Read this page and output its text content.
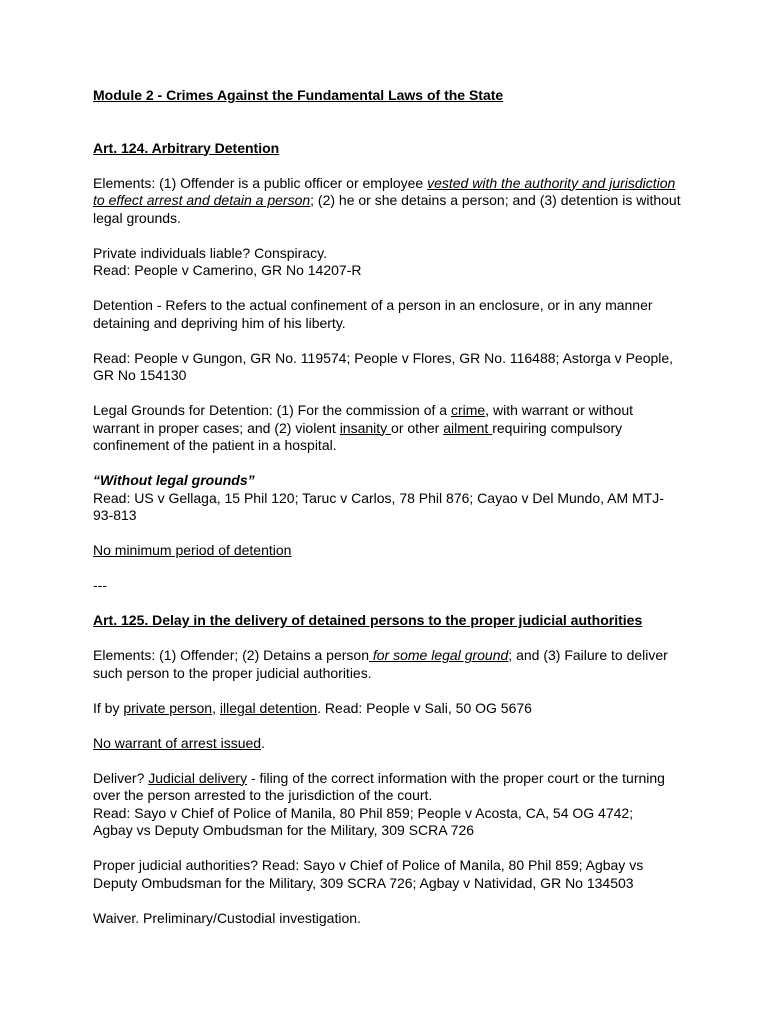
Module 2 - Crimes Against the Fundamental Laws of the State

Art. 124. Arbitrary Detention

Elements: (1) Offender is a public officer or employee vested with the authority and jurisdiction to effect arrest and detain a person; (2) he or she detains a person; and (3) detention is without legal grounds.

Private individuals liable? Conspiracy.

Read: People v Camerino, GR No 14207-R

Detention - Refers to the actual confinement of a person in an enclosure, or in any manner detaining and depriving him of his liberty.

Read: People v Gungon, GR No. 119574; People v Flores, GR No. 116488; Astorga v People, GR No 154130

Legal Grounds for Detention: (1) For the commission of a crime, with warrant or without warrant in proper cases; and (2) violent insanity or other ailment requiring compulsory confinement of the patient in a hospital.

“Without legal grounds”

Read: US v Gellaga, 15 Phil 120; Taruc v Carlos, 78 Phil 876; Cayao v Del Mundo, AM MTJ-93-813

No minimum period of detention

---

Art. 125. Delay in the delivery of detained persons to the proper judicial authorities

Elements: (1) Offender; (2) Detains a person for some legal ground; and (3) Failure to deliver such person to the proper judicial authorities.

If by private person, illegal detention. Read: People v Sali, 50 OG 5676

No warrant of arrest issued.

Deliver? Judicial delivery - filing of the correct information with the proper court or the turning over the person arrested to the jurisdiction of the court.

Read: Sayo v Chief of Police of Manila, 80 Phil 859; People v Acosta, CA, 54 OG 4742;

Agbay vs Deputy Ombudsman for the Military, 309 SCRA 726

Proper judicial authorities? Read: Sayo v Chief of Police of Manila, 80 Phil 859; Agbay vs Deputy Ombudsman for the Military, 309 SCRA 726; Agbay v Natividad, GR No 134503

Waiver. Preliminary/Custodial investigation.
